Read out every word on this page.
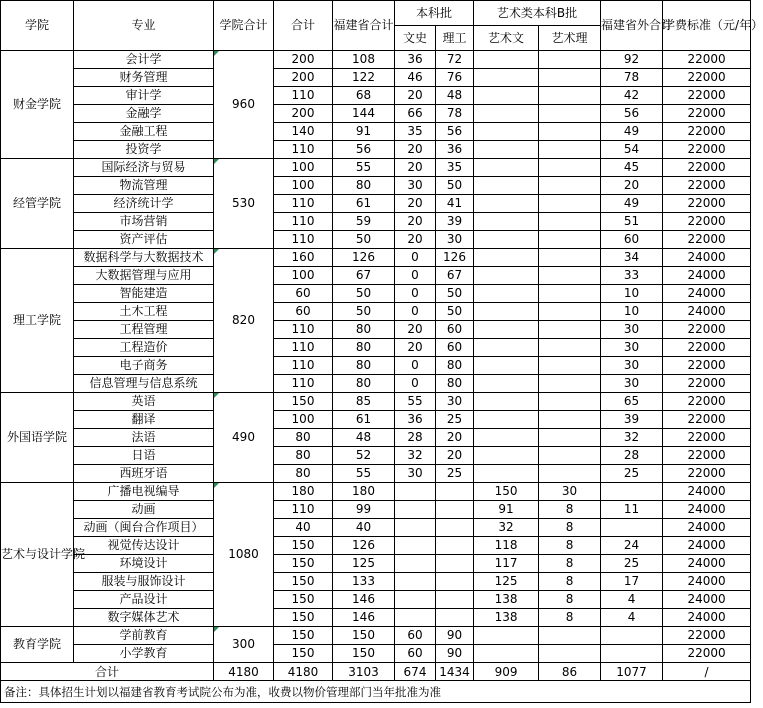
学院	专业	学院合计	合计	福建省合计	本科批		艺术类本科B批		福建省外合计	学费标准（元/年）
					文史	理工	艺术文	艺术理		
财金学院	会计学	960	200	108	36	72			92	22000
	财务管理		200	122	46	76			78	22000
	审计学		110	68	20	48			42	22000
	金融学		200	144	66	78			56	22000
	金融工程		140	91	35	56			49	22000
	投资学		110	56	20	36			54	22000
经管学院	国际经济与贸易	530	100	55	20	35			45	22000
	物流管理		100	80	30	50			20	22000
	经济统计学		110	61	20	41			49	22000
	市场营销		110	59	20	39			51	22000
	资产评估		110	50	20	30			60	22000
理工学院	数据科学与大数据技术	820	160	126	0	126			34	24000
	大数据管理与应用		100	67	0	67			33	24000
	智能建造		60	50	0	50			10	24000
	土木工程		60	50	0	50			10	24000
	工程管理		110	80	20	60			30	22000
	工程造价		110	80	20	60			30	22000
	电子商务		110	80	0	80			30	22000
	信息管理与信息系统		110	80	0	80			30	22000
外国语学院	英语	490	150	85	55	30			65	22000
	翻译		100	61	36	25			39	22000
	法语		80	48	28	20			32	22000
	日语		80	52	32	20			28	22000
	西班牙语		80	55	30	25			25	22000
艺术与设计学院	广播电视编导	1080	180	180			150	30		24000
	动画		110	99			91	8	11	24000
	动画（闽台合作项目）		40	40			32	8		24000
	视觉传达设计		150	126			118	8	24	24000
	环境设计		150	125			117	8	25	24000
	服装与服饰设计		150	133			125	8	17	24000
	产品设计		150	146			138	8	4	24000
	数字媒体艺术		150	146			138	8	4	24000
教育学院	学前教育	300	150	150	60	90				22000
	小学教育		150	150	60	90				22000
合计		4180	4180	3103	674	1434	909	86	1077	/
备注：具体招生计划以福建省教育考试院公布为准，收费以物价管理部门当年批准为准										
